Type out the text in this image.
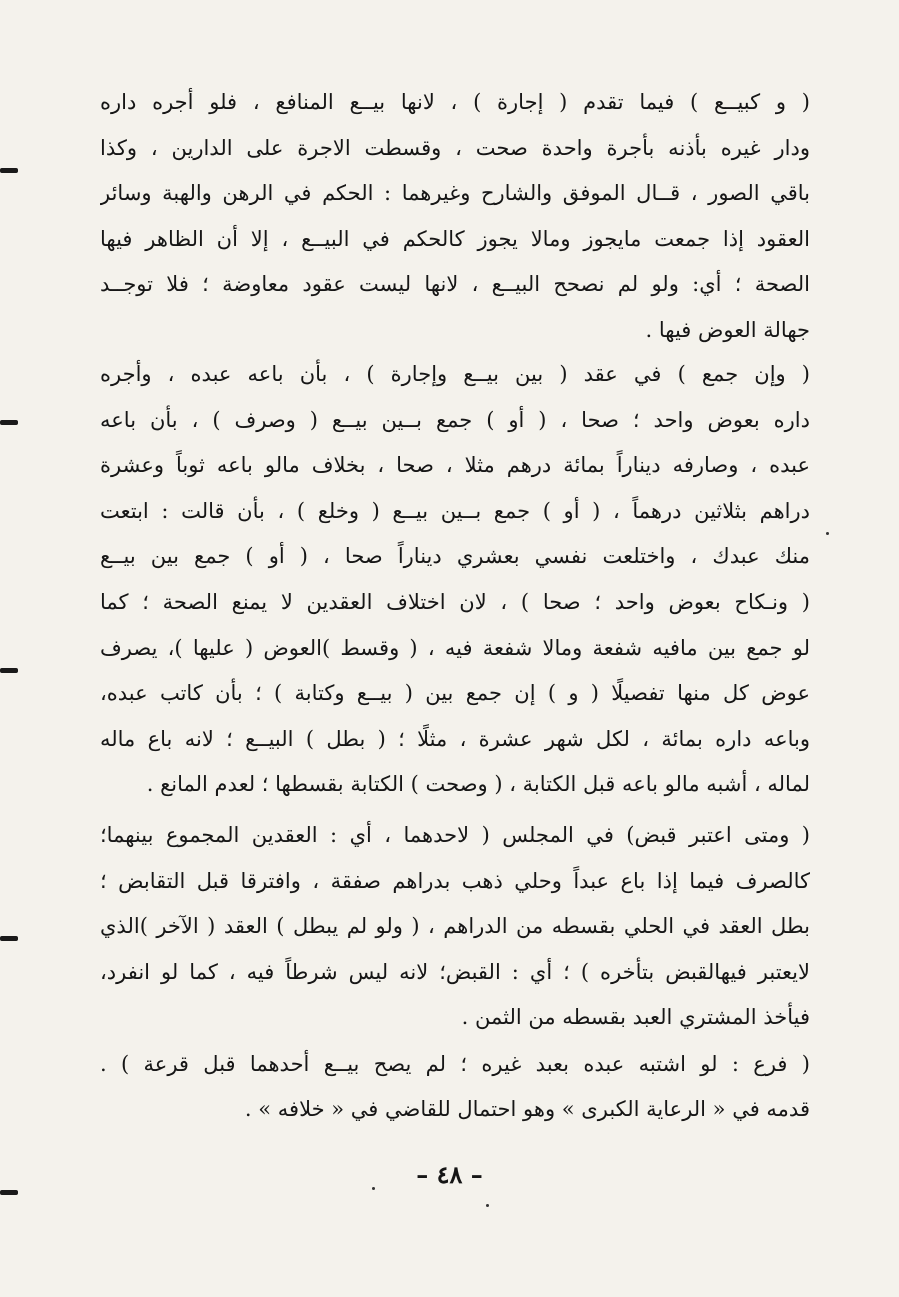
( و كبيــع ) فيما تقدم ( إجارة ) ، لانها بيــع المنافع ، فلو أجره داره
ودار غيره بأذنه بأجرة واحدة صحت ، وقسطت الاجرة على الدارين ، وكذا
باقي الصور ، قــال الموفق والشارح وغيرهما : الحكم في الرهن والهبة وسائر
العقود إذا جمعت مايجوز ومالا يجوز كالحكم في البيــع ، إلا أن الظاهر فيها
الصحة ؛ أي: ولو لم نصحح البيــع ، لانها ليست عقود معاوضة ؛ فلا توجــد
جهالة العوض فيها .

( وإن جمع ) في عقد ( بين بيــع وإجارة ) ، بأن باعه عبده ، وأجره
داره بعوض واحد ؛ صحا ، ( أو ) جمع بــين بيــع ( وصرف ) ، بأن باعه
عبده ، وصارفه ديناراً بمائة درهم مثلا ، صحا ، بخلاف مالو باعه ثوباً وعشرة
دراهم بثلاثين درهماً ، ( أو ) جمع بــين بيــع ( وخلع ) ، بأن قالت : ابتعت
منك عبدك ، واختلعت نفسي بعشري ديناراً صحا ، ( أو ) جمع بين بيــع
( ونـكاح بعوض واحد ؛ صحا ) ، لان اختلاف العقدين لا يمنع الصحة ؛ كما
لو جمع بين مافيه شفعة ومالا شفعة فيه ، ( وقسط )العوض ( عليها )، يصرف
عوض كل منها تفصيلًا ( و ) إن جمع بين ( بيــع وكتابة ) ؛ بأن كاتب عبده،
وباعه داره بمائة ، لكل شهر عشرة ، مثلًا ؛ ( بطل ) البيــع ؛ لانه باع ماله
لماله ، أشبه مالو باعه قبل الكتابة ، ( وصحت ) الكتابة بقسطها ؛ لعدم المانع .

( ومتى اعتبر قبض) في المجلس ( لاحدهما ، أي : العقدين المجموع بينهما؛
كالصرف فيما إذا باع عبداً وحلي ذهب بدراهم صفقة ، وافترقا قبل التقابض ؛
بطل العقد في الحلي بقسطه من الدراهم ، ( ولو لم يبطل ) العقد ( الآخر )الذي
لايعتبر فيهالقبض بتأخره ) ؛ أي : القبض؛ لانه ليس شرطاً فيه ، كما لو انفرد،
فيأخذ المشتري العبد بقسطه من الثمن .

( فرع : لو اشتبه عبده بعبد غيره ؛ لم يصح بيــع أحدهما قبل قرعة ) .
قدمه في « الرعاية الكبرى » وهو احتمال للقاضي في « خلافه » .

– ٤٨ –
